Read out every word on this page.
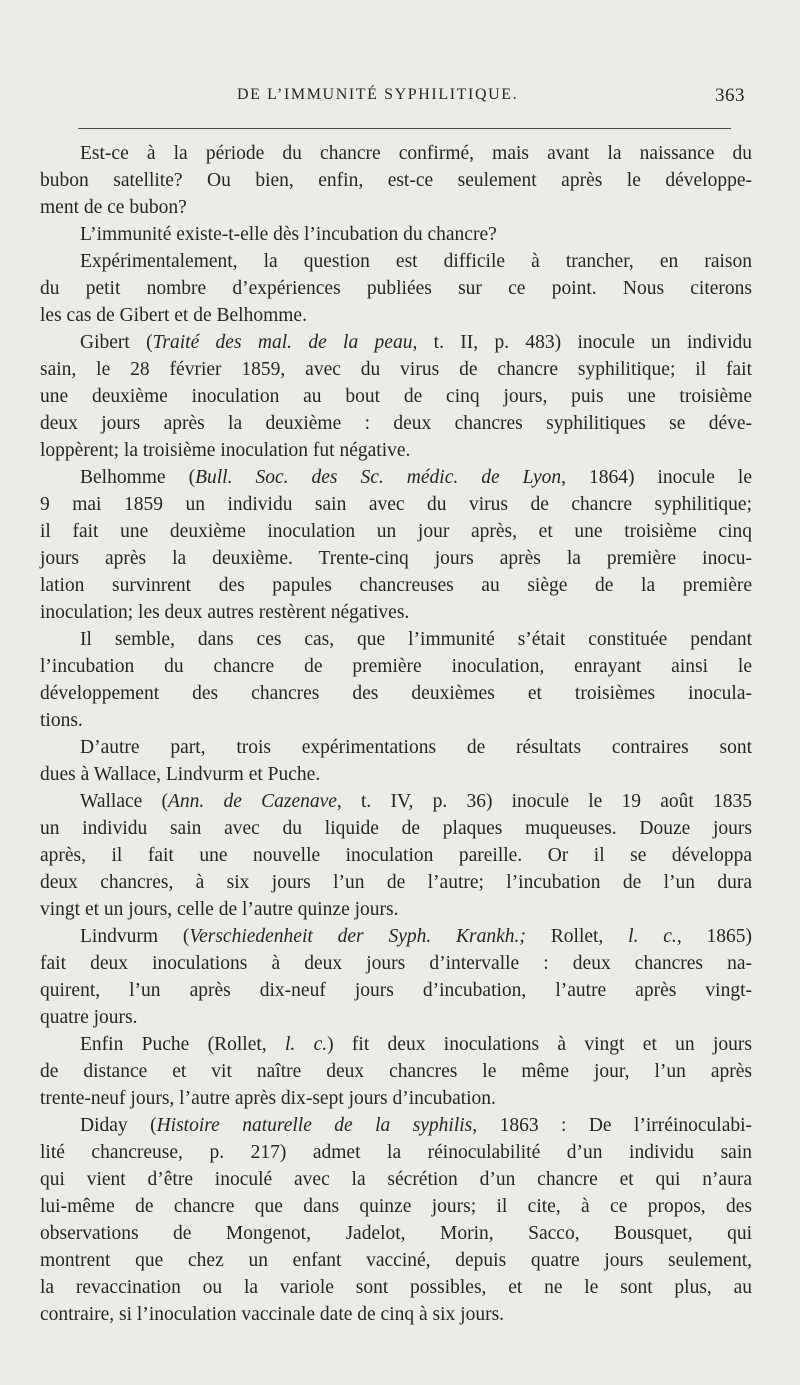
DE L’IMMUNITÉ SYPHILITIQUE.	363
Est-ce à la période du chancre confirmé, mais avant la naissance du
bubon satellite? Ou bien, enfin, est-ce seulement après le développe-
ment de ce bubon?
L’immunité existe-t-elle dès l’incubation du chancre?
Expérimentalement, la question est difficile à trancher, en raison
du petit nombre d’expériences publiées sur ce point. Nous citerons
les cas de Gibert et de Belhomme.
Gibert (Traité des mal. de la peau, t. II, p. 483) inocule un individu
sain, le 28 février 1859, avec du virus de chancre syphilitique; il fait
une deuxième inoculation au bout de cinq jours, puis une troisième
deux jours après la deuxième : deux chancres syphilitiques se déve-
loppèrent; la troisième inoculation fut négative.
Belhomme (Bull. Soc. des Sc. médic. de Lyon, 1864) inocule le
9 mai 1859 un individu sain avec du virus de chancre syphilitique;
il fait une deuxième inoculation un jour après, et une troisième cinq
jours après la deuxième. Trente-cinq jours après la première inocu-
lation survinrent des papules chancreuses au siège de la première
inoculation; les deux autres restèrent négatives.
Il semble, dans ces cas, que l’immunité s’était constituée pendant
l’incubation du chancre de première inoculation, enrayant ainsi le
développement des chancres des deuxièmes et troisièmes inocula-
tions.
D’autre part, trois expérimentations de résultats contraires sont
dues à Wallace, Lindvurm et Puche.
Wallace (Ann. de Cazenave, t. IV, p. 36) inocule le 19 août 1835
un individu sain avec du liquide de plaques muqueuses. Douze jours
après, il fait une nouvelle inoculation pareille. Or il se développa
deux chancres, à six jours l’un de l’autre; l’incubation de l’un dura
vingt et un jours, celle de l’autre quinze jours.
Lindvurm (Verschiedenheit der Syph. Krankh.; Rollet, l. c., 1865)
fait deux inoculations à deux jours d’intervalle : deux chancres na-
quirent, l’un après dix-neuf jours d’incubation, l’autre après vingt-
quatre jours.
Enfin Puche (Rollet, l. c.) fit deux inoculations à vingt et un jours
de distance et vit naître deux chancres le même jour, l’un après
trente-neuf jours, l’autre après dix-sept jours d’incubation.
Diday (Histoire naturelle de la syphilis, 1863 : De l’irréinoculabi-
lité chancreuse, p. 217) admet la réinoculabilité d’un individu sain
qui vient d’être inoculé avec la sécrétion d’un chancre et qui n’aura
lui-même de chancre que dans quinze jours; il cite, à ce propos, des
observations de Mongenot, Jadelot, Morin, Sacco, Bousquet, qui
montrent que chez un enfant vacciné, depuis quatre jours seulement,
la revaccination ou la variole sont possibles, et ne le sont plus, au
contraire, si l’inoculation vaccinale date de cinq à six jours.
